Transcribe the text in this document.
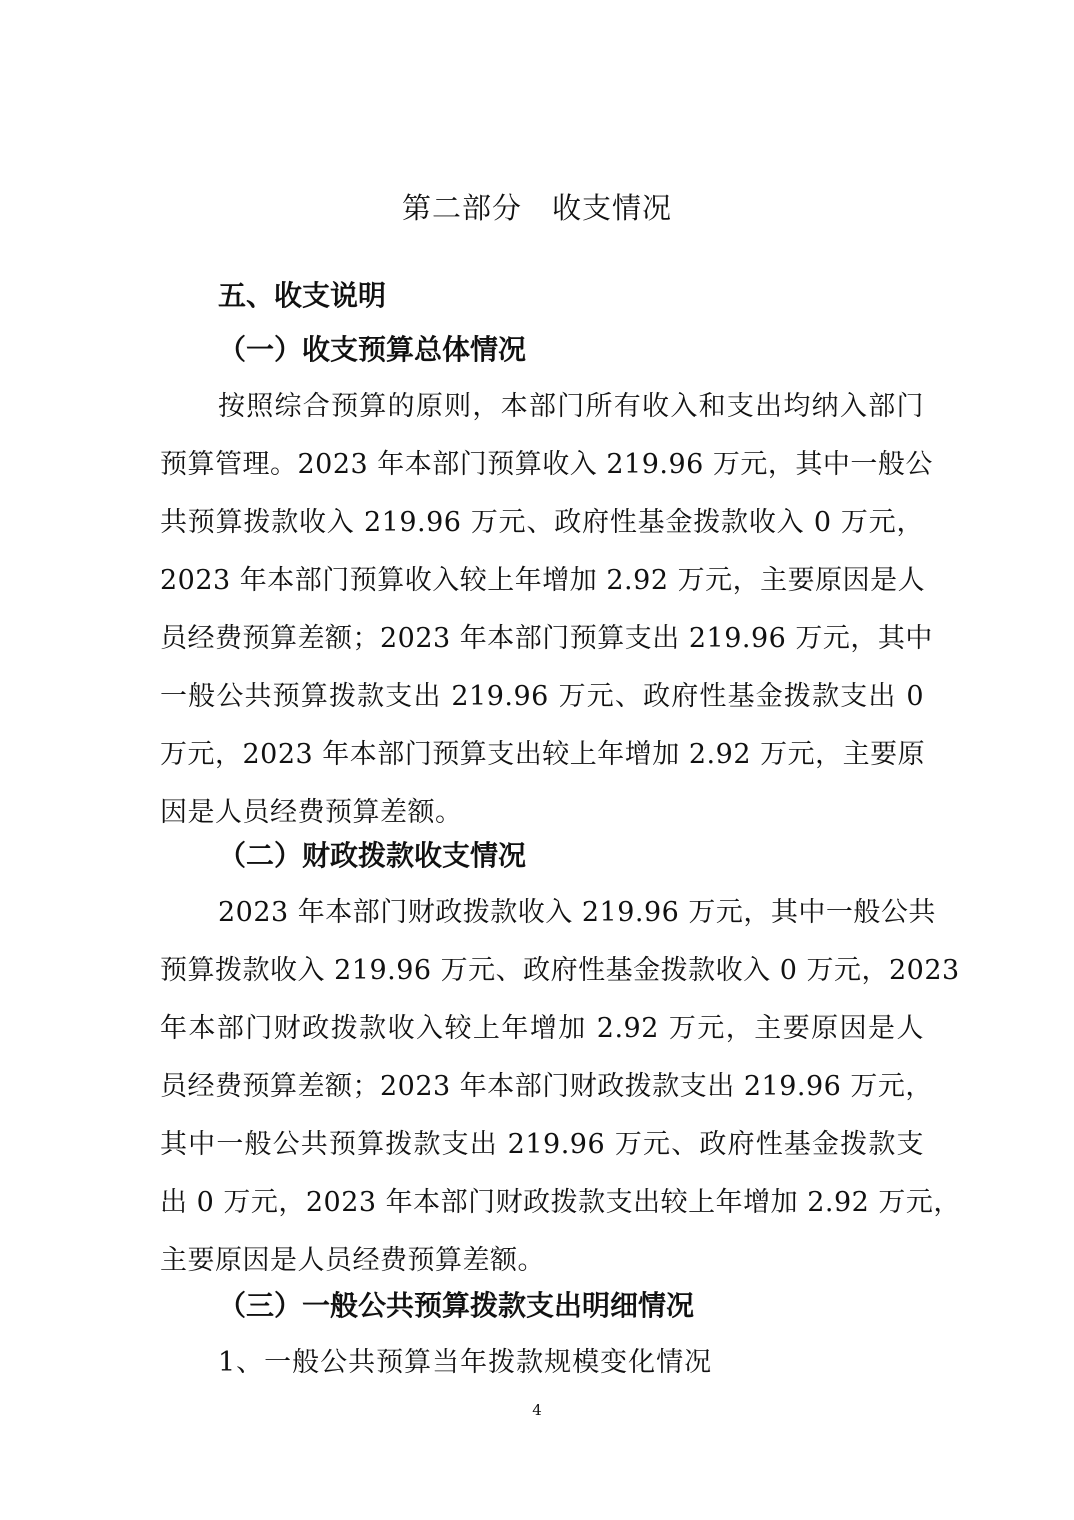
第二部分　收支情况
五、收支说明
（一）收支预算总体情况
按照综合预算的原则，本部门所有收入和支出均纳入部门
预算管理。2023 年本部门预算收入 219.96 万元，其中一般公
共预算拨款收入 219.96 万元、政府性基金拨款收入 0 万元，
2023 年本部门预算收入较上年增加 2.92 万元，主要原因是人
员经费预算差额；2023 年本部门预算支出 219.96 万元，其中
一般公共预算拨款支出 219.96 万元、政府性基金拨款支出 0
万元，2023 年本部门预算支出较上年增加 2.92 万元，主要原
因是人员经费预算差额。
（二）财政拨款收支情况
2023 年本部门财政拨款收入 219.96 万元，其中一般公共
预算拨款收入 219.96 万元、政府性基金拨款收入 0 万元，2023
年本部门财政拨款收入较上年增加 2.92 万元，主要原因是人
员经费预算差额；2023 年本部门财政拨款支出 219.96 万元，
其中一般公共预算拨款支出 219.96 万元、政府性基金拨款支
出 0 万元，2023 年本部门财政拨款支出较上年增加 2.92 万元，
主要原因是人员经费预算差额。
（三）一般公共预算拨款支出明细情况
1、一般公共预算当年拨款规模变化情况
4
